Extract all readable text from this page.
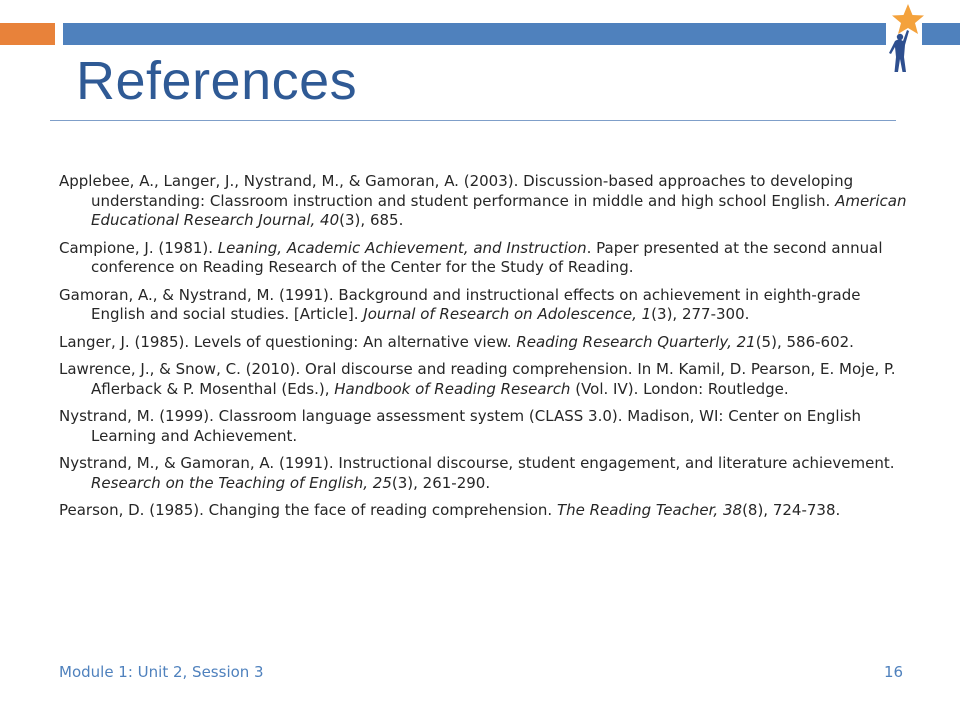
References

Applebee, A., Langer, J., Nystrand, M., & Gamoran, A. (2003). Discussion-based approaches to developing understanding: Classroom instruction and student performance in middle and high school English. American Educational Research Journal, 40(3), 685.

Campione, J. (1981). Leaning, Academic Achievement, and Instruction. Paper presented at the second annual conference on Reading Research of the Center for the Study of Reading.

Gamoran, A., & Nystrand, M. (1991). Background and instructional effects on achievement in eighth-grade English and social studies. [Article]. Journal of Research on Adolescence, 1(3), 277-300.

Langer, J. (1985). Levels of questioning: An alternative view. Reading Research Quarterly, 21(5), 586-602.

Lawrence, J., & Snow, C. (2010). Oral discourse and reading comprehension. In M. Kamil, D. Pearson, E. Moje, P. Aflerback & P. Mosenthal (Eds.), Handbook of Reading Research (Vol. IV). London: Routledge.

Nystrand, M. (1999). Classroom language assessment system (CLASS 3.0). Madison, WI: Center on English Learning and Achievement.

Nystrand, M., & Gamoran, A. (1991). Instructional discourse, student engagement, and literature achievement. Research on the Teaching of English, 25(3), 261-290.

Pearson, D. (1985). Changing the face of reading comprehension. The Reading Teacher, 38(8), 724-738.

Module 1: Unit 2, Session 3	16
